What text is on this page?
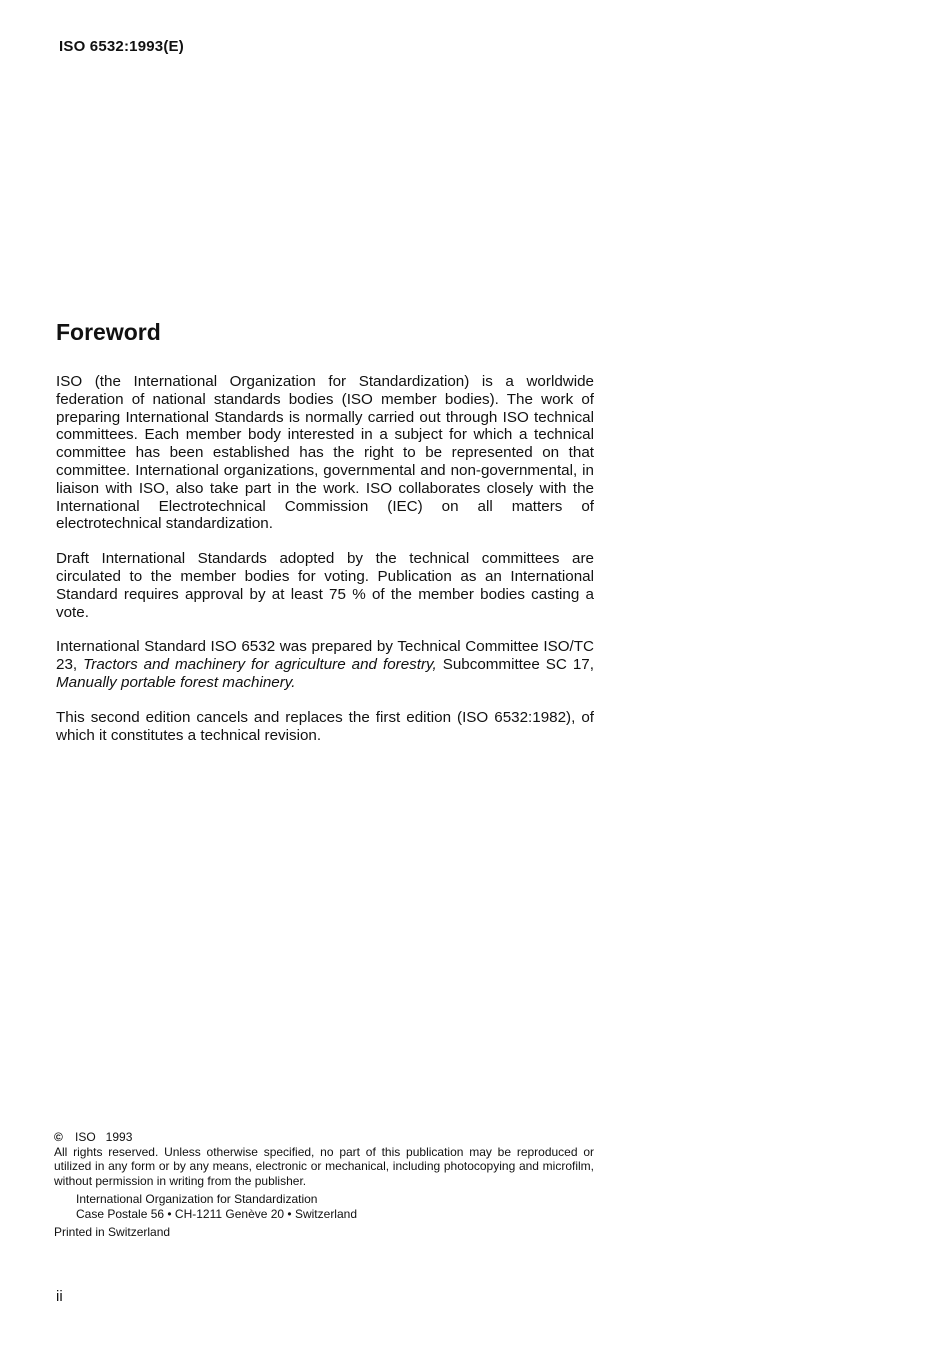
ISO 6532:1993(E)
Foreword

ISO (the International Organization for Standardization) is a worldwide federation of national standards bodies (ISO member bodies). The work of preparing International Standards is normally carried out through ISO technical committees. Each member body interested in a subject for which a technical committee has been established has the right to be represented on that committee. International organizations, governmental and non-governmental, in liaison with ISO, also take part in the work. ISO collaborates closely with the International Electrotechnical Commission (IEC) on all matters of electrotechnical standardization.

Draft International Standards adopted by the technical committees are circulated to the member bodies for voting. Publication as an International Standard requires approval by at least 75 % of the member bodies casting a vote.

International Standard ISO 6532 was prepared by Technical Committee ISO/TC 23, Tractors and machinery for agriculture and forestry, Subcommittee SC 17, Manually portable forest machinery.

This second edition cancels and replaces the first edition (ISO 6532:1982), of which it constitutes a technical revision.

© ISO 1993

All rights reserved. Unless otherwise specified, no part of this publication may be reproduced or utilized in any form or by any means, electronic or mechanical, including photocopying and microfilm, without permission in writing from the publisher.

International Organization for Standardization
Case Postale 56 • CH-1211 Genève 20 • Switzerland
Printed in Switzerland
ii
